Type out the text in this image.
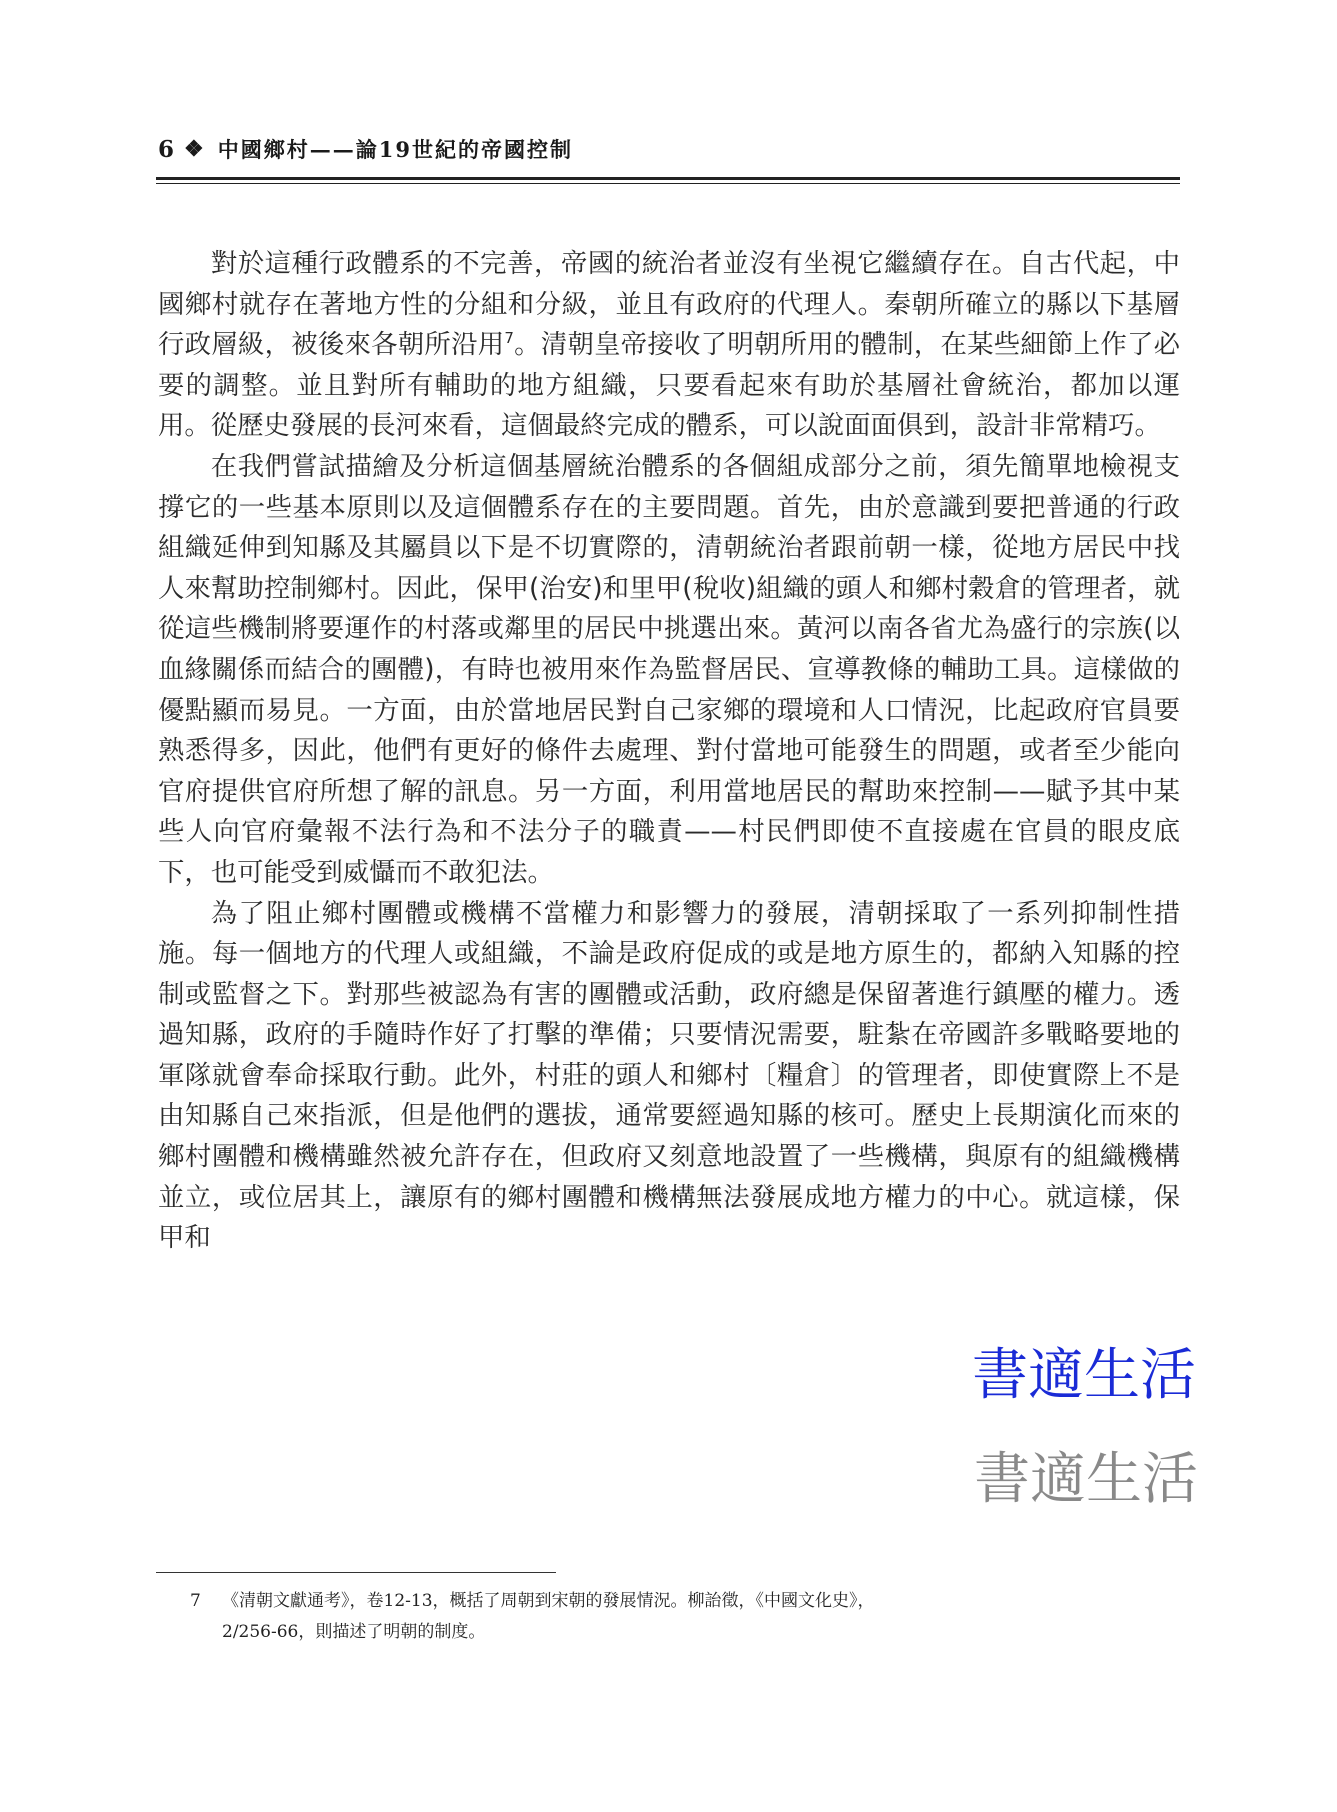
6 ❖ 中國鄉村——論19世紀的帝國控制

對於這種行政體系的不完善，帝國的統治者並沒有坐視它繼續存在。自古代起，中國鄉村就存在著地方性的分組和分級，並且有政府的代理人。秦朝所確立的縣以下基層行政層級，被後來各朝所沿用$^7$。清朝皇帝接收了明朝所用的體制，在某些細節上作了必要的調整。並且對所有輔助的地方組織，只要看起來有助於基層社會統治，都加以運用。從歷史發展的長河來看，這個最終完成的體系，可以說面面俱到，設計非常精巧。

在我們嘗試描繪及分析這個基層統治體系的各個組成部分之前，須先簡單地檢視支撐它的一些基本原則以及這個體系存在的主要問題。首先，由於意識到要把普通的行政組織延伸到知縣及其屬員以下是不切實際的，清朝統治者跟前朝一樣，從地方居民中找人來幫助控制鄉村。因此，保甲(治安)和里甲(稅收)組織的頭人和鄉村穀倉的管理者，就從這些機制將要運作的村落或鄰里的居民中挑選出來。黃河以南各省尤為盛行的宗族(以血緣關係而結合的團體)，有時也被用來作為監督居民、宣導教條的輔助工具。這樣做的優點顯而易見。一方面，由於當地居民對自己家鄉的環境和人口情況，比起政府官員要熟悉得多，因此，他們有更好的條件去處理、對付當地可能發生的問題，或者至少能向官府提供官府所想了解的訊息。另一方面，利用當地居民的幫助來控制——賦予其中某些人向官府彙報不法行為和不法分子的職責——村民們即使不直接處在官員的眼皮底下，也可能受到威懾而不敢犯法。

為了阻止鄉村團體或機構不當權力和影響力的發展，清朝採取了一系列抑制性措施。每一個地方的代理人或組織，不論是政府促成的或是地方原生的，都納入知縣的控制或監督之下。對那些被認為有害的團體或活動，政府總是保留著進行鎮壓的權力。透過知縣，政府的手隨時作好了打擊的準備；只要情況需要，駐紮在帝國許多戰略要地的軍隊就會奉命採取行動。此外，村莊的頭人和鄉村〔糧倉〕的管理者，即使實際上不是由知縣自己來指派，但是他們的選拔，通常要經過知縣的核可。歷史上長期演化而來的鄉村團體和機構雖然被允許存在，但政府又刻意地設置了一些機構，與原有的組織機構並立，或位居其上，讓原有的鄉村團體和機構無法發展成地方權力的中心。就這樣，保甲和

7 《清朝文獻通考》，卷12-13，概括了周朝到宋朝的發展情況。柳詒徵，《中國文化史》，
2/256-66，則描述了明朝的制度。
書適生活
書適生活
